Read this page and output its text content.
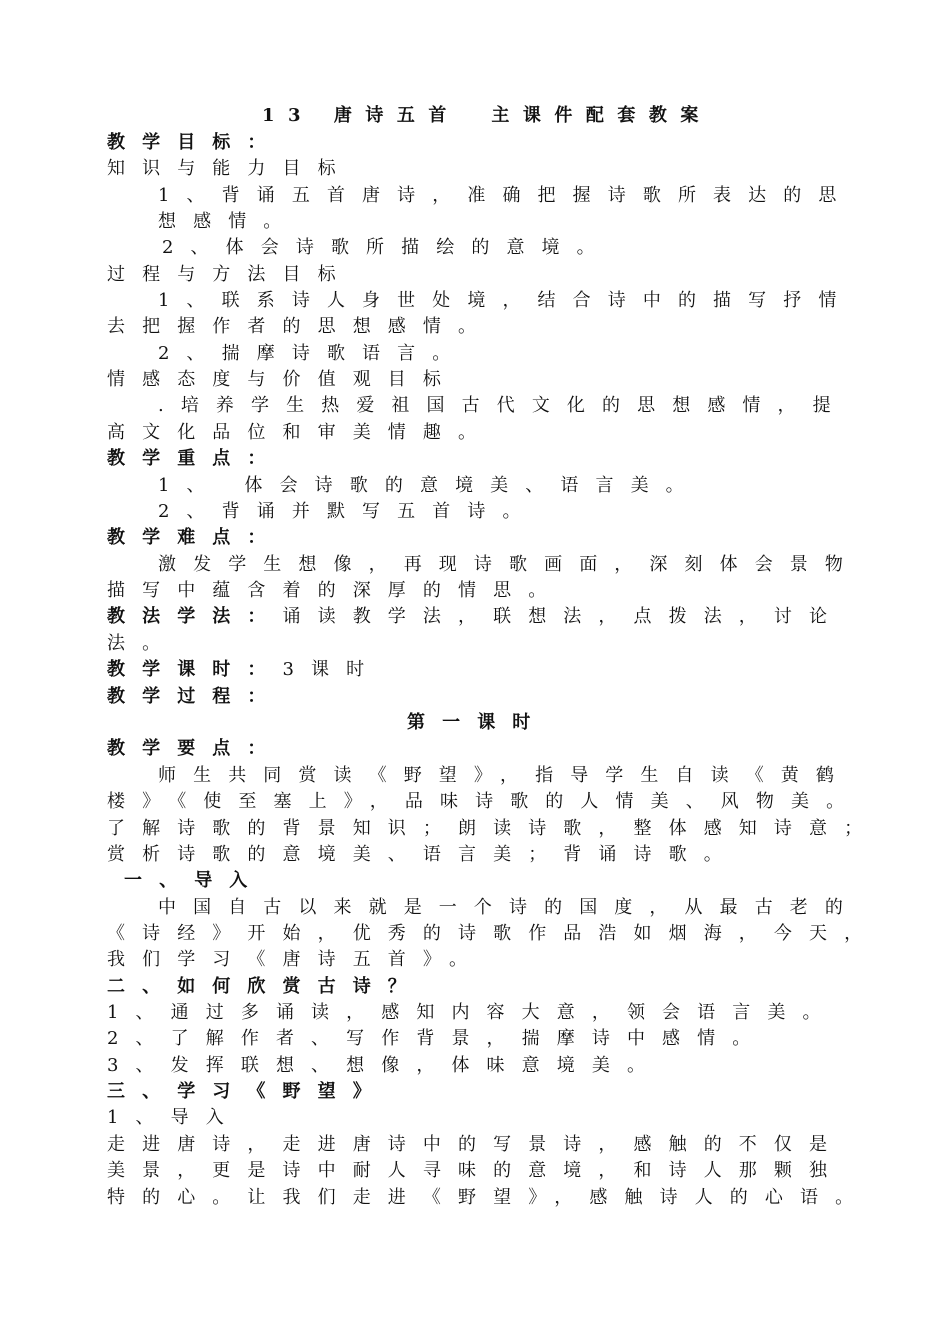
13 唐诗五首　主课件配套教案
教学目标：
知识与能力目标
1、背诵五首唐诗，准确把握诗歌所表达的思
想感情。
2、体会诗歌所描绘的意境。
过程与方法目标
1、联系诗人身世处境，结合诗中的描写抒情
去把握作者的思想感情。
2、揣摩诗歌语言。
情感态度与价值观目标
.培养学生热爱祖国古代文化的思想感情，提
高文化品位和审美情趣。
教学重点：
1、 体会诗歌的意境美、语言美。
2、背诵并默写五首诗。
教学难点：
激发学生想像，再现诗歌画面，深刻体会景物
描写中蕴含着的深厚的情思。
教法学法：诵读教学法，联想法，点拨法，讨论
法。
教学课时：3课时
教学过程：
第一课时
教学要点：
师生共同赏读《野望》，指导学生自读《黄鹤
楼》《使至塞上》，品味诗歌的人情美、风物美。
了解诗歌的背景知识；朗读诗歌，整体感知诗意；
赏析诗歌的意境美、语言美；背诵诗歌。
一、导入
中国自古以来就是一个诗的国度，从最古老的
《诗经》开始，优秀的诗歌作品浩如烟海，今天，
我们学习《唐诗五首》。
二、如何欣赏古诗？
1、通过多诵读，感知内容大意，领会语言美。
2、了解作者、写作背景，揣摩诗中感情。
3、发挥联想、想像，体味意境美。
三、学习《野望》
1、导入
走进唐诗，走进唐诗中的写景诗，感触的不仅是
美景，更是诗中耐人寻味的意境，和诗人那颗独
特的心。让我们走进《野望》，感触诗人的心语。
